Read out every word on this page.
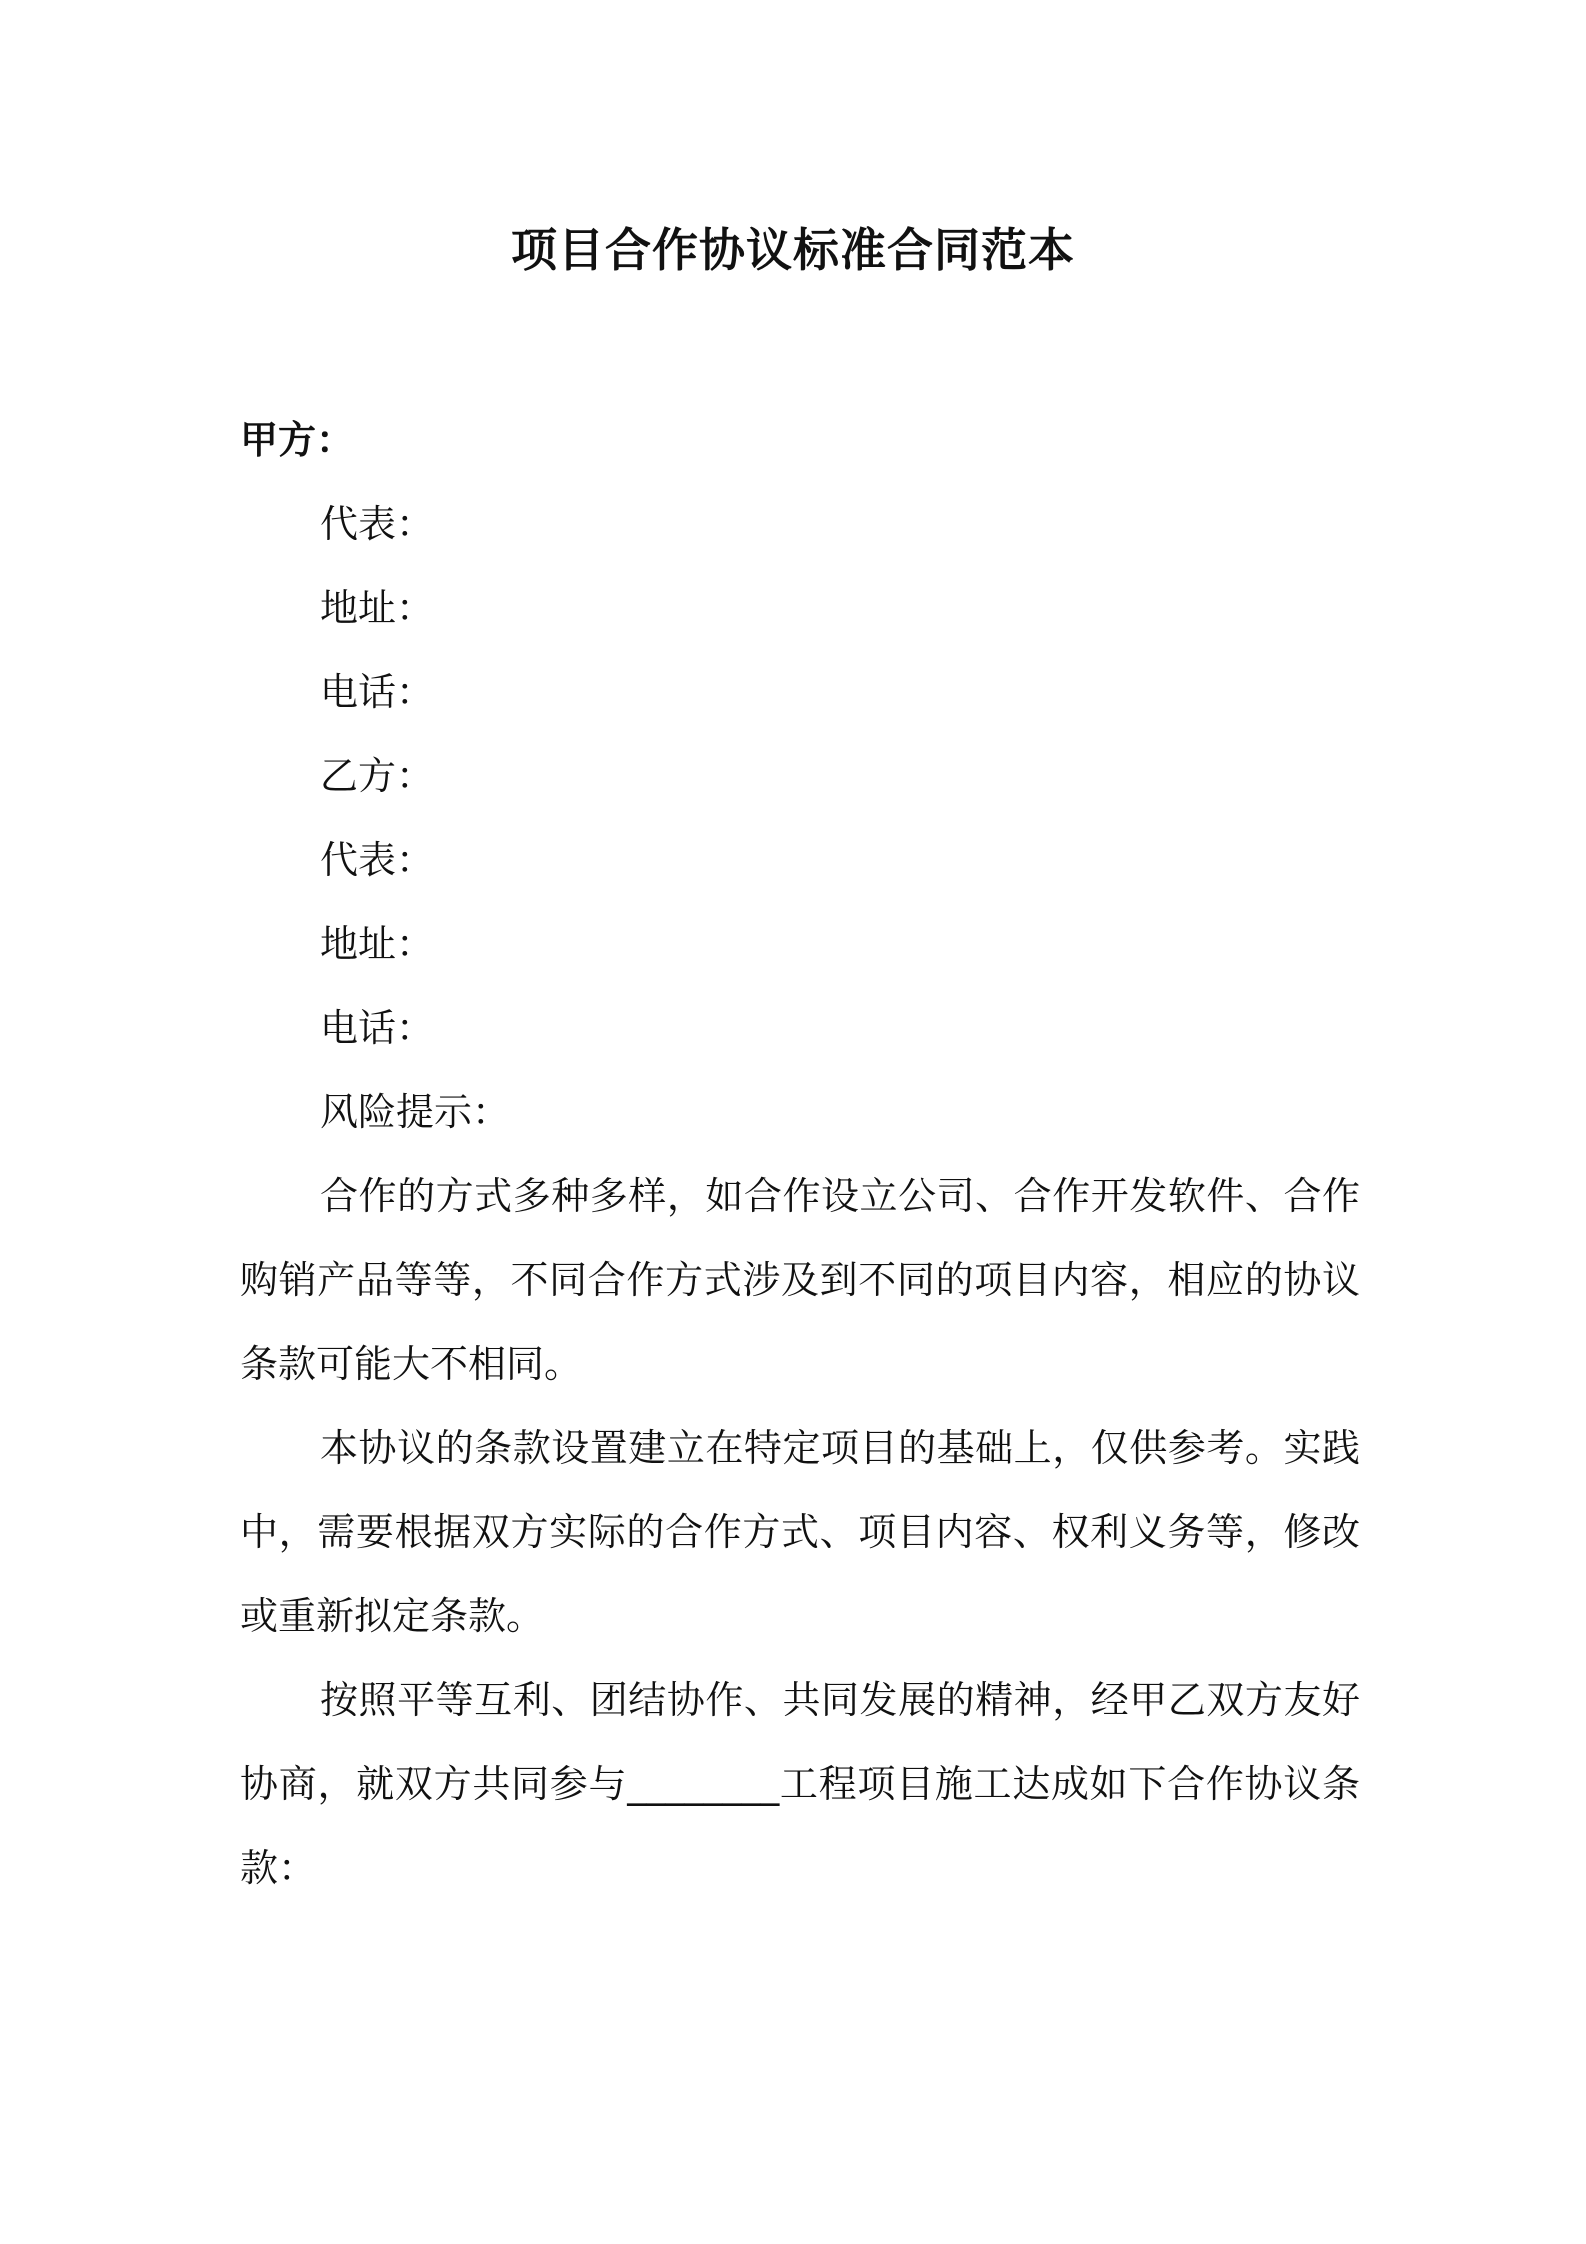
项目合作协议标准合同范本
甲方：
代表：
地址：
电话：
乙方：
代表：
地址：
电话：
风险提示：
合作的方式多种多样，如合作设立公司、合作开发软件、合作购销产品等等，不同合作方式涉及到不同的项目内容，相应的协议条款可能大不相同。
本协议的条款设置建立在特定项目的基础上，仅供参考。实践中，需要根据双方实际的合作方式、项目内容、权利义务等，修改或重新拟定条款。
按照平等互利、团结协作、共同发展的精神，经甲乙双方友好协商，就双方共同参与________工程项目施工达成如下合作协议条款：
